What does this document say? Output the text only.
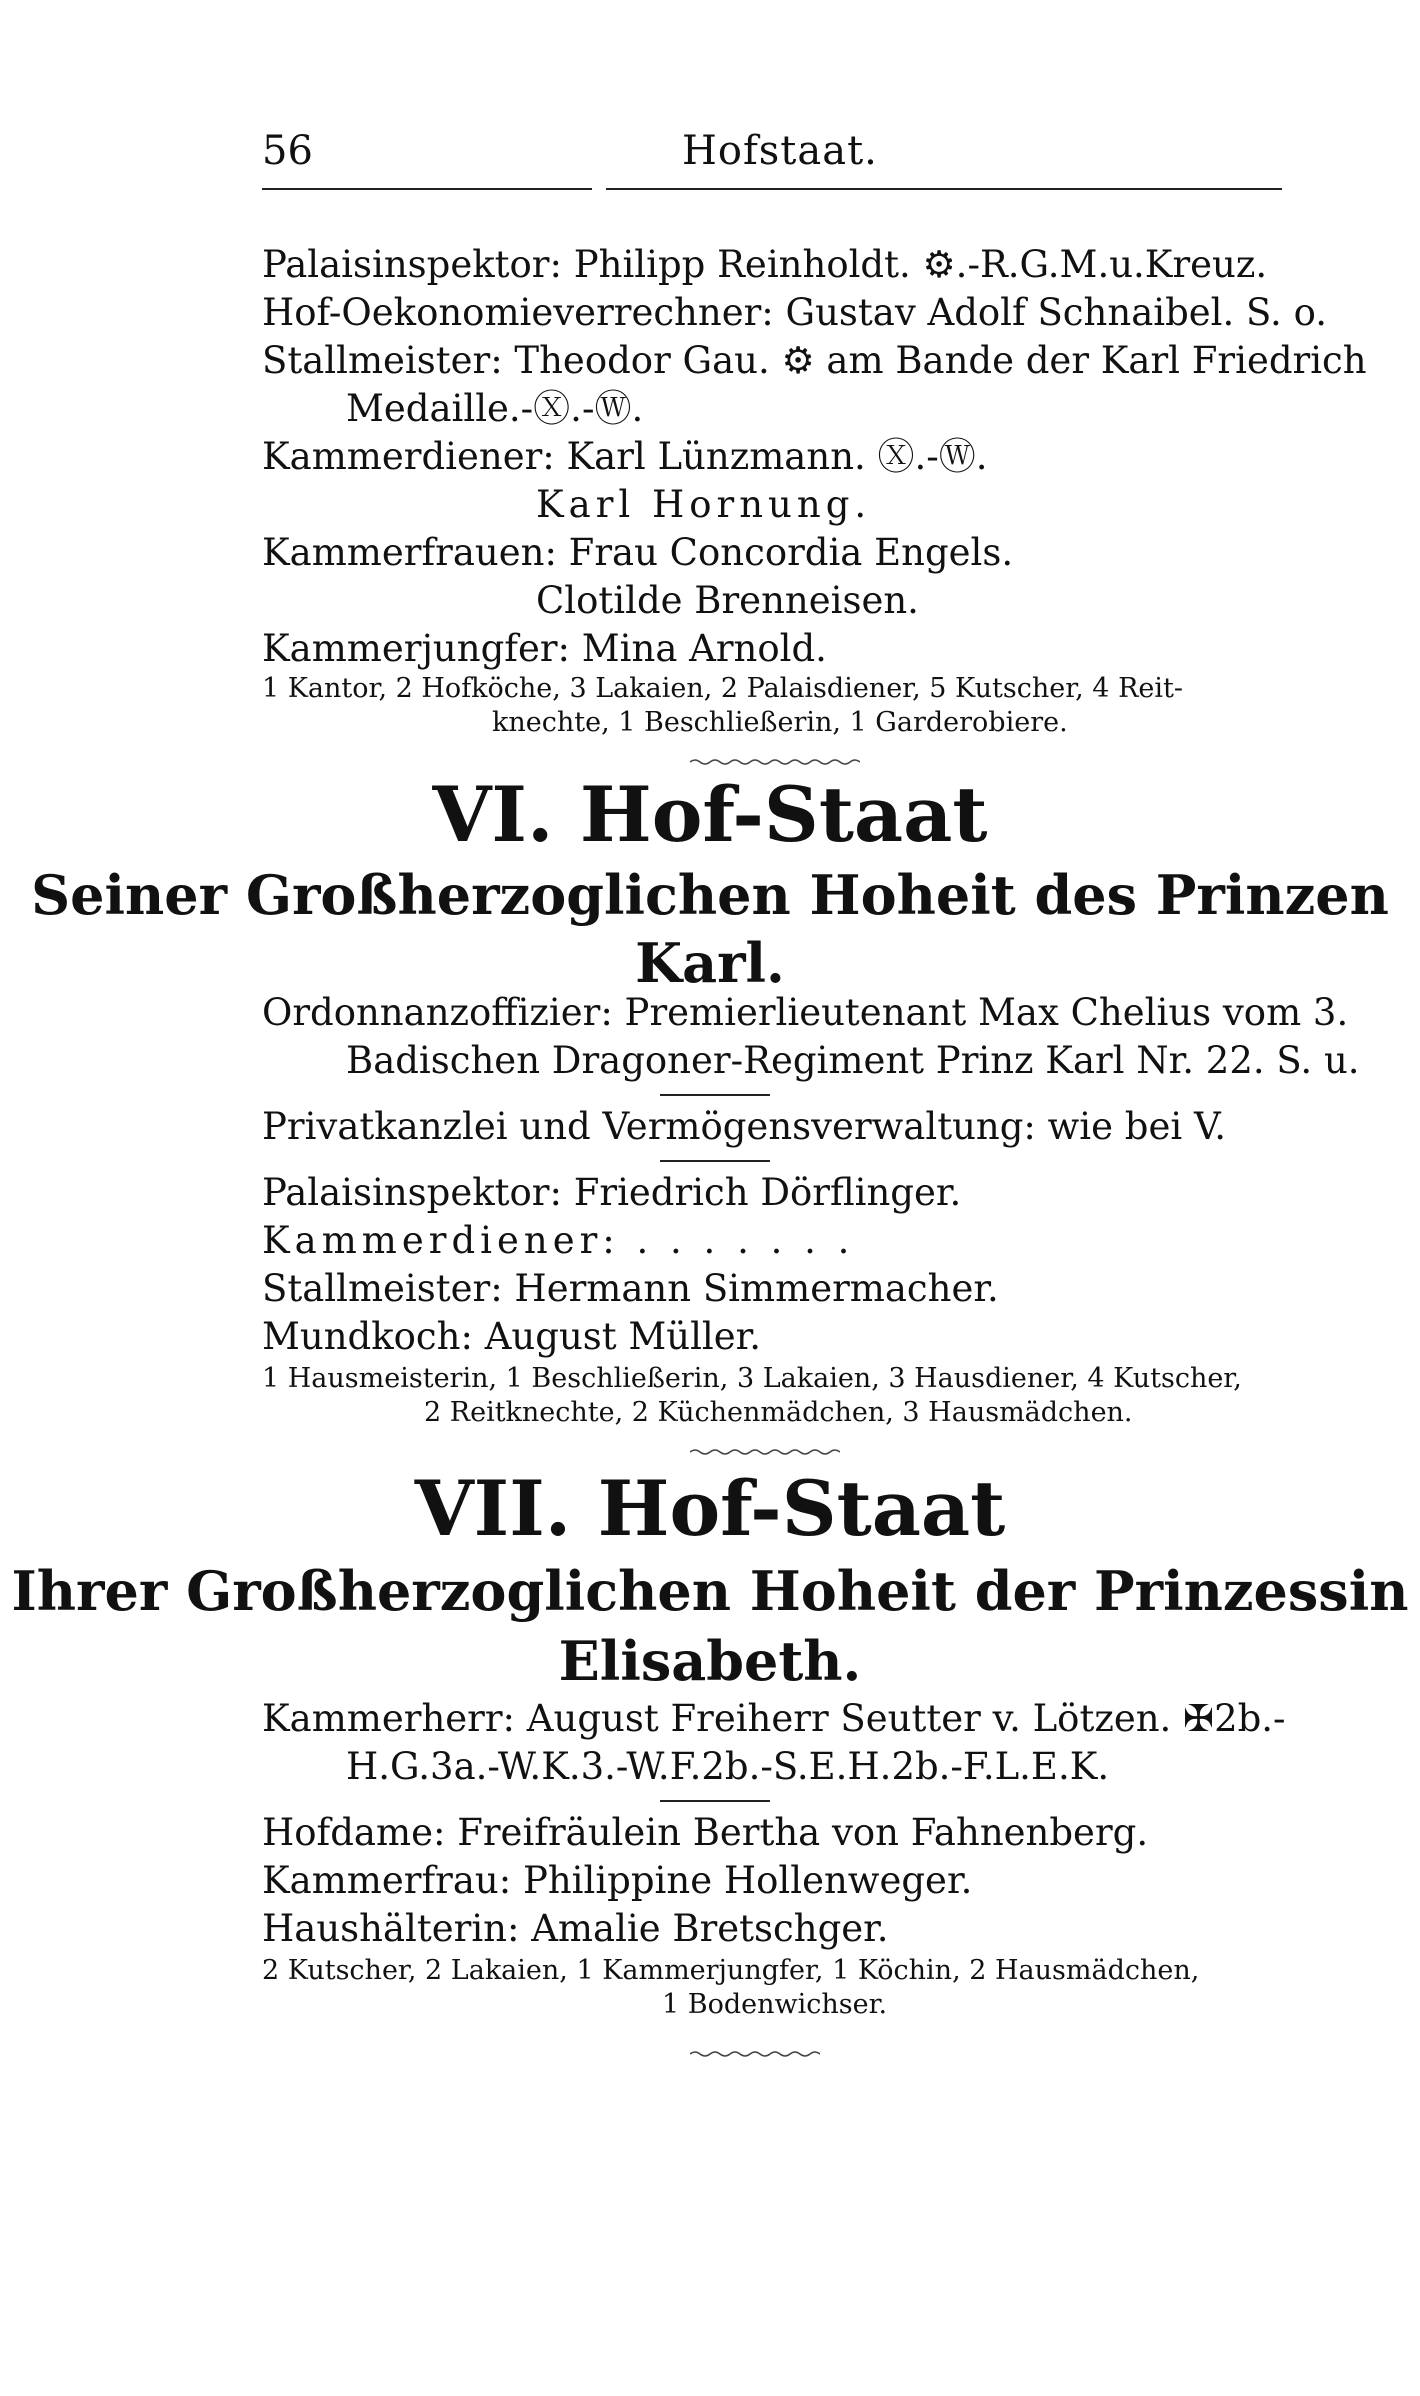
56	Hofstaat.
Palaisinspektor: Philipp Reinholdt. ⚙.-R.G.M.u.Kreuz.
Hof-Oekonomieverrechner: Gustav Adolf Schnaibel. S. o.
Stallmeister: Theodor Gau. ⚙ am Bande der Karl Friedrich
Medaille.-Ⓧ.-Ⓦ.
Kammerdiener: Karl Lünzmann. Ⓧ.-Ⓦ.
Karl Hornung.
Kammerfrauen: Frau Concordia Engels.
Clotilde Brenneisen.
Kammerjungfer: Mina Arnold.
1 Kantor, 2 Hofköche, 3 Lakaien, 2 Palaisdiener, 5 Kutscher, 4 Reit-
knechte, 1 Beschließerin, 1 Garderobiere.
VI. Hof-Staat
Seiner Großherzoglichen Hoheit des Prinzen
Karl.
Ordonnanzoffizier: Premierlieutenant Max Chelius vom 3.
Badischen Dragoner-Regiment Prinz Karl Nr. 22. S. u.
Privatkanzlei und Vermögensverwaltung: wie bei V.
Palaisinspektor: Friedrich Dörflinger.
Kammerdiener: . . . . . . .
Stallmeister: Hermann Simmermacher.
Mundkoch: August Müller.
1 Hausmeisterin, 1 Beschließerin, 3 Lakaien, 3 Hausdiener, 4 Kutscher,
2 Reitknechte, 2 Küchenmädchen, 3 Hausmädchen.
VII. Hof-Staat
Ihrer Großherzoglichen Hoheit der Prinzessin
Elisabeth.
Kammerherr: August Freiherr Seutter v. Lötzen. ✠2b.-
H.G.3a.-W.K.3.-W.F.2b.-S.E.H.2b.-F.L.E.K.
Hofdame: Freifräulein Bertha von Fahnenberg.
Kammerfrau: Philippine Hollenweger.
Haushälterin: Amalie Bretschger.
2 Kutscher, 2 Lakaien, 1 Kammerjungfer, 1 Köchin, 2 Hausmädchen,
1 Bodenwichser.
